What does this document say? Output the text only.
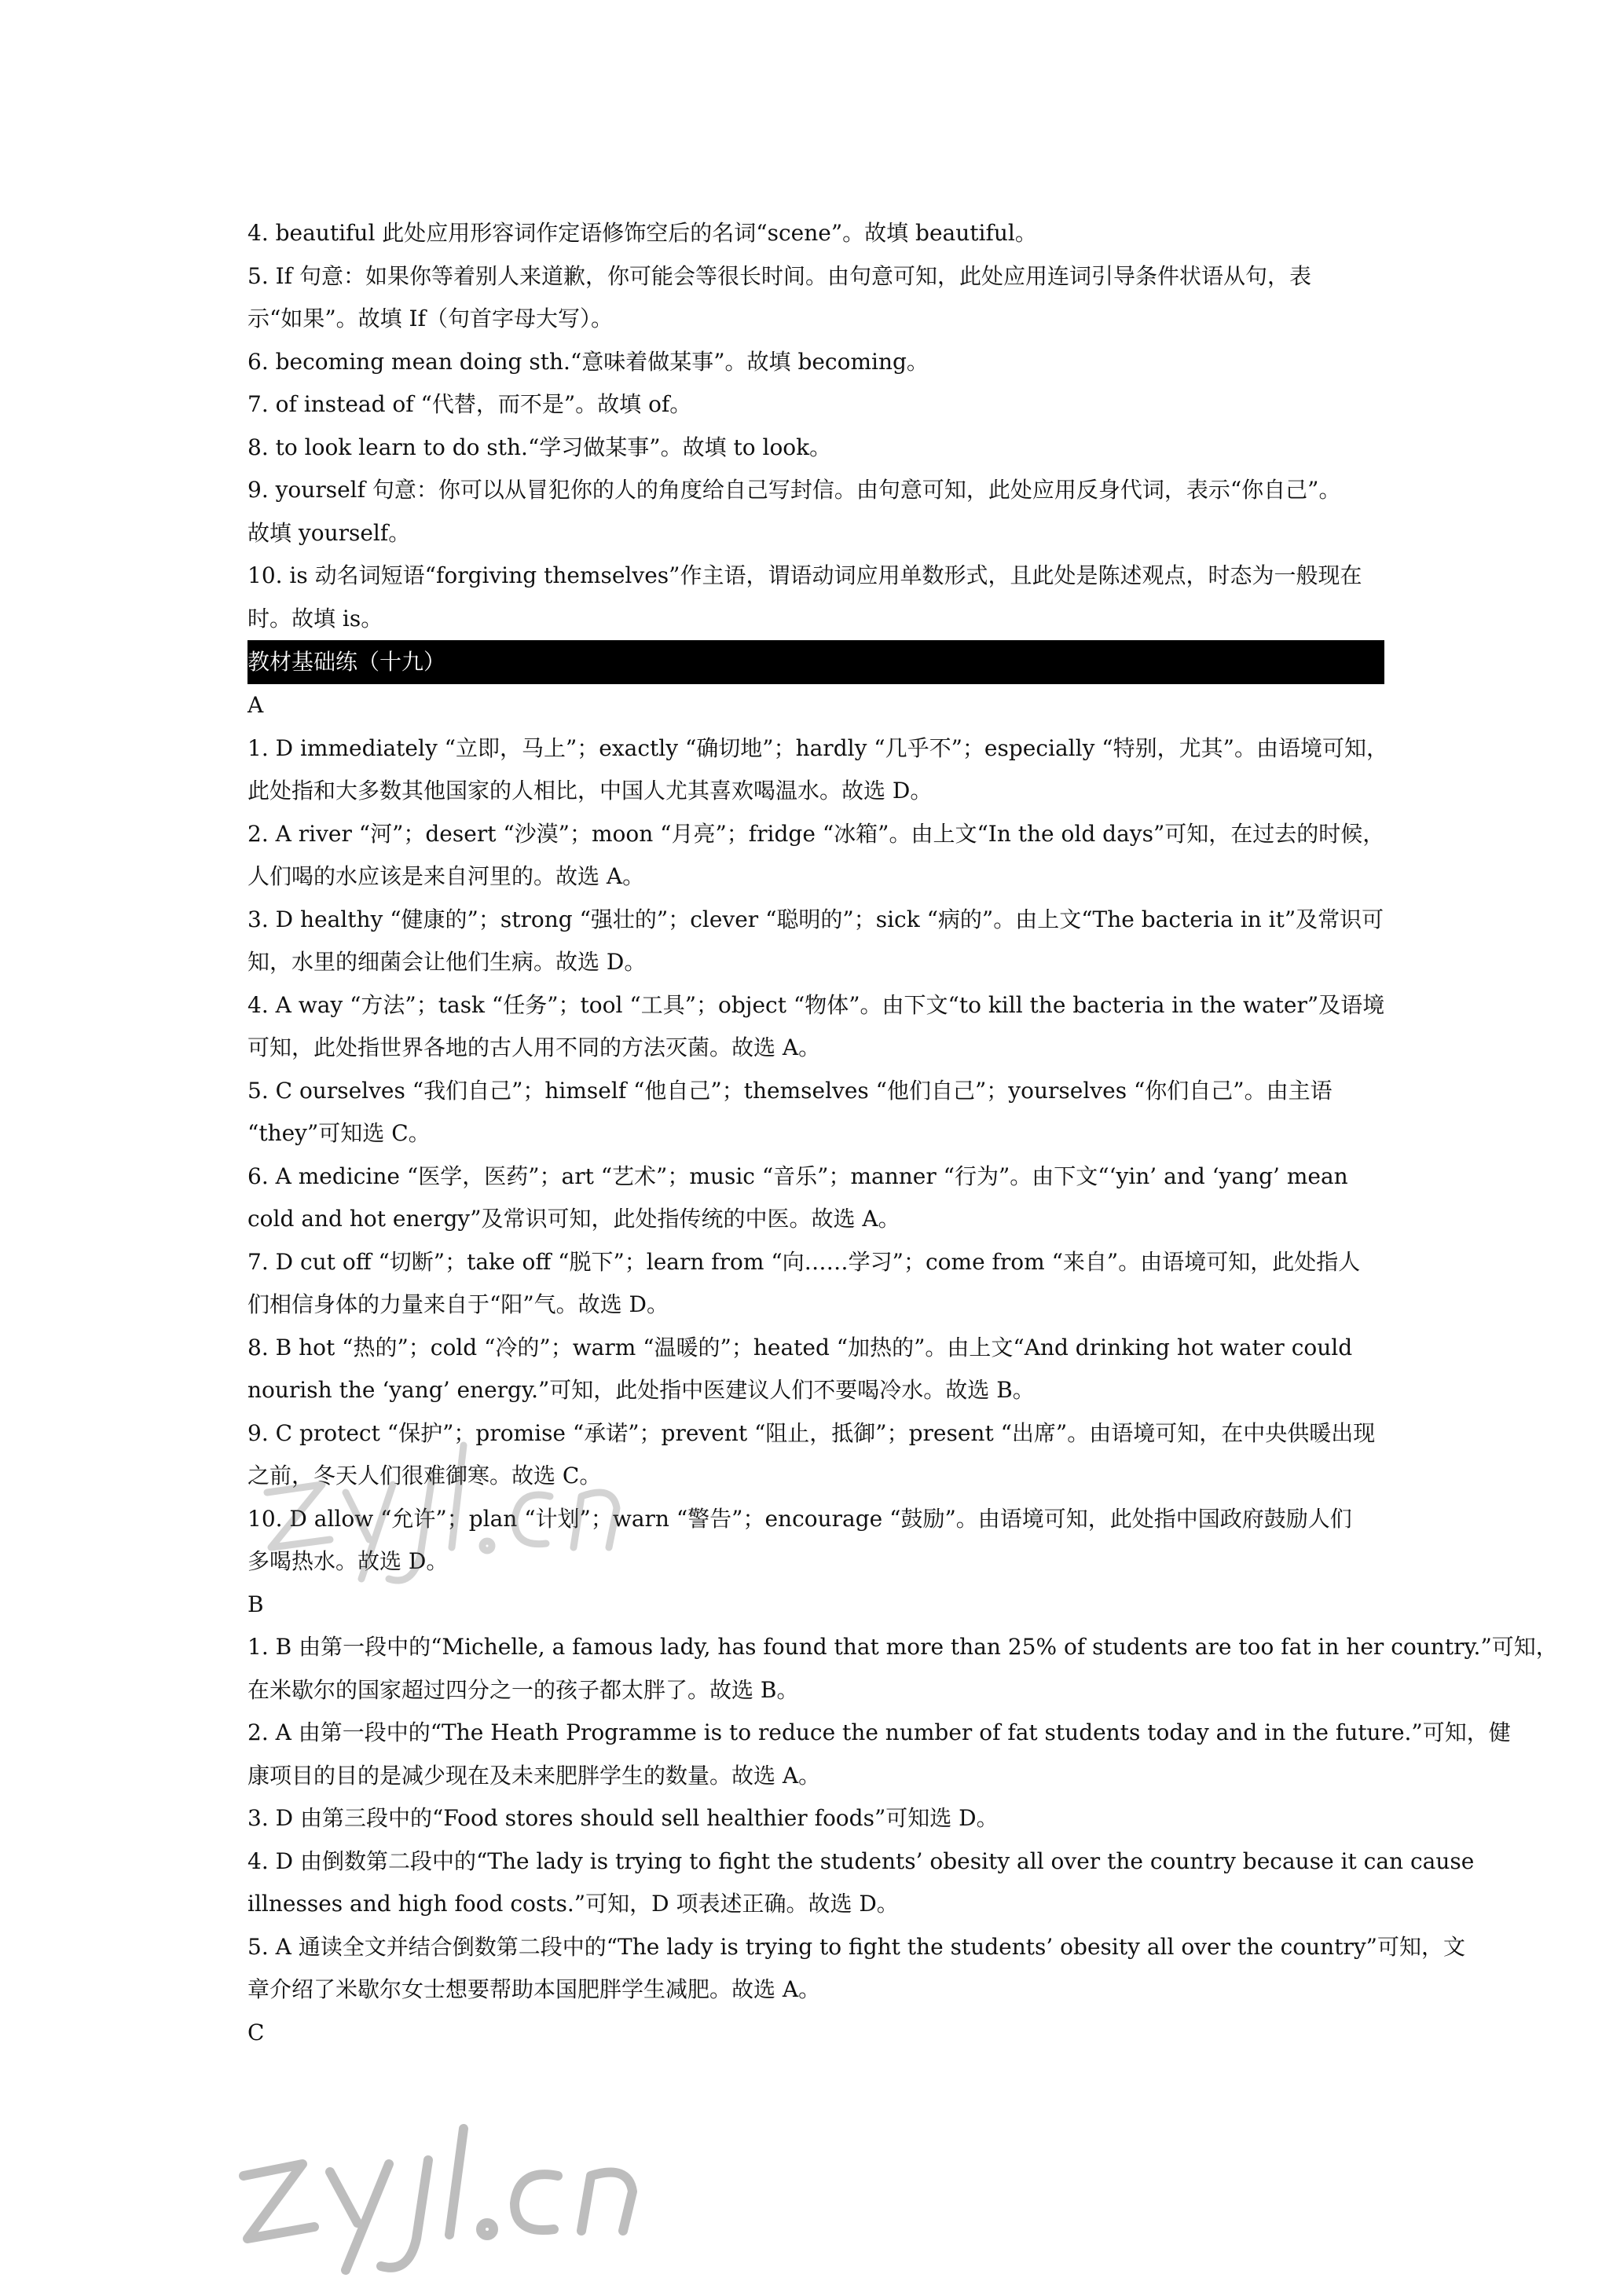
4. beautiful 此处应用形容词作定语修饰空后的名词“scene”。故填 beautiful。
5. If 句意：如果你等着别人来道歉，你可能会等很长时间。由句意可知，此处应用连词引导条件状语从句，表
示“如果”。故填 If（句首字母大写）。
6. becoming mean doing sth.“意味着做某事”。故填 becoming。
7. of instead of “代替，而不是”。故填 of。
8. to look learn to do sth.“学习做某事”。故填 to look。
9. yourself 句意：你可以从冒犯你的人的角度给自己写封信。由句意可知，此处应用反身代词，表示“你自己”。
故填 yourself。
10. is 动名词短语“forgiving themselves”作主语，谓语动词应用单数形式，且此处是陈述观点，时态为一般现在
时。故填 is。
教材基础练（十九）
A
1. D immediately “立即，马上”；exactly “确切地”；hardly “几乎不”；especially “特别，尤其”。由语境可知，
此处指和大多数其他国家的人相比，中国人尤其喜欢喝温水。故选 D。
2. A river “河”；desert “沙漠”；moon “月亮”；fridge “冰箱”。由上文“In the old days”可知，在过去的时候，
人们喝的水应该是来自河里的。故选 A。
3. D healthy “健康的”；strong “强壮的”；clever “聪明的”；sick “病的”。由上文“The bacteria in it”及常识可
知，水里的细菌会让他们生病。故选 D。
4. A way “方法”；task “任务”；tool “工具”；object “物体”。由下文“to kill the bacteria in the water”及语境
可知，此处指世界各地的古人用不同的方法灭菌。故选 A。
5. C ourselves “我们自己”；himself “他自己”；themselves “他们自己”；yourselves “你们自己”。由主语
“they”可知选 C。
6. A medicine “医学，医药”；art “艺术”；music “音乐”；manner “行为”。由下文“‘yin’ and ‘yang’ mean
cold and hot energy”及常识可知，此处指传统的中医。故选 A。
7. D cut off “切断”；take off “脱下”；learn from “向……学习”；come from “来自”。由语境可知，此处指人
们相信身体的力量来自于“阳”气。故选 D。
8. B hot “热的”；cold “冷的”；warm “温暖的”；heated “加热的”。由上文“And drinking hot water could
nourish the ‘yang’ energy.”可知，此处指中医建议人们不要喝冷水。故选 B。
9. C protect “保护”；promise “承诺”；prevent “阻止，抵御”；present “出席”。由语境可知，在中央供暖出现
之前，冬天人们很难御寒。故选 C。
10. D allow “允许”；plan “计划”；warn “警告”；encourage “鼓励”。由语境可知，此处指中国政府鼓励人们
多喝热水。故选 D。
B
1. B 由第一段中的“Michelle, a famous lady, has found that more than 25% of students are too fat in her country.”可知，
在米歇尔的国家超过四分之一的孩子都太胖了。故选 B。
2. A 由第一段中的“The Heath Programme is to reduce the number of fat students today and in the future.”可知，健
康项目的目的是减少现在及未来肥胖学生的数量。故选 A。
3. D 由第三段中的“Food stores should sell healthier foods”可知选 D。
4. D 由倒数第二段中的“The lady is trying to fight the students’ obesity all over the country because it can cause
illnesses and high food costs.”可知，D 项表述正确。故选 D。
5. A 通读全文并结合倒数第二段中的“The lady is trying to fight the students’ obesity all over the country”可知，文
章介绍了米歇尔女士想要帮助本国肥胖学生减肥。故选 A。
C
